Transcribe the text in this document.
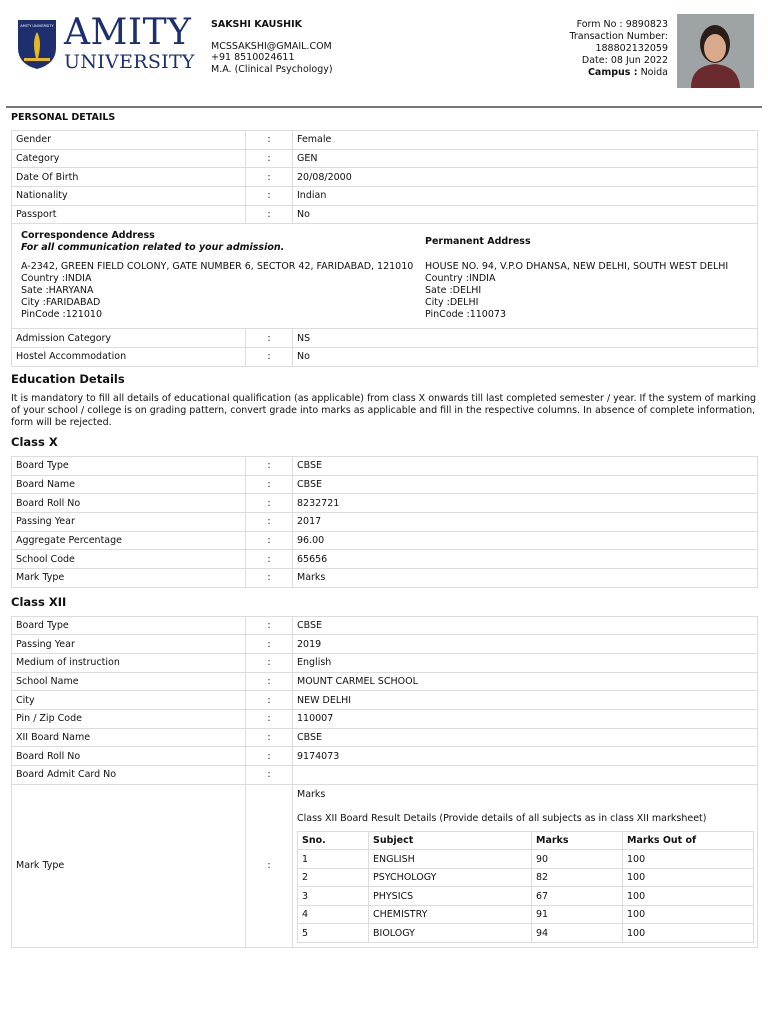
AMITY UNIVERSITY AMITY
UNIVERSITY
SAKSHI KAUSHIK
MCSSAKSHI@GMAIL.COM
+91 8510024611
M.A. (Clinical Psychology)
Form No : 9890823
Transaction Number:
188802132059
Date: 08 Jun 2022
Campus : Noida
PERSONAL DETAILS
Gender	:	Female
Category	:	GEN
Date Of Birth	:	20/08/2000
Nationality	:	Indian
Passport	:	No
Correspondence Address
For all communication related to your admission.
A-2342, GREEN FIELD COLONY, GATE NUMBER 6, SECTOR 42, FARIDABAD, 121010
Country :INDIA
Sate :HARYANA
City :FARIDABAD
PinCode :121010
Permanent Address
HOUSE NO. 94, V.P.O DHANSA, NEW DELHI, SOUTH WEST DELHI
Country :INDIA
Sate :DELHI
City :DELHI
PinCode :110073
Admission Category	:	NS
Hostel Accommodation	:	No
Education Details
It is mandatory to fill all details of educational qualification (as applicable) from class X onwards till last completed semester / year. If the system of marking of your school / college is on grading pattern, convert grade into marks as applicable and fill in the respective columns. In absence of complete information, form will be rejected.
Class X
Board Type	:	CBSE
Board Name	:	CBSE
Board Roll No	:	8232721
Passing Year	:	2017
Aggregate Percentage	:	96.00
School Code	:	65656
Mark Type	:	Marks
Class XII
Board Type	:	CBSE
Passing Year	:	2019
Medium of instruction	:	English
School Name	:	MOUNT CARMEL SCHOOL
City	:	NEW DELHI
Pin / Zip Code	:	110007
XII Board Name	:	CBSE
Board Roll No	:	9174073
Board Admit Card No	:	
Mark Type	:	
Marks
Class XII Board Result Details (Provide details of all subjects as in class XII marksheet)
Sno.	Subject	Marks	Marks Out of
1	ENGLISH	90	100
2	PSYCHOLOGY	82	100
3	PHYSICS	67	100
4	CHEMISTRY	91	100
5	BIOLOGY	94	100
